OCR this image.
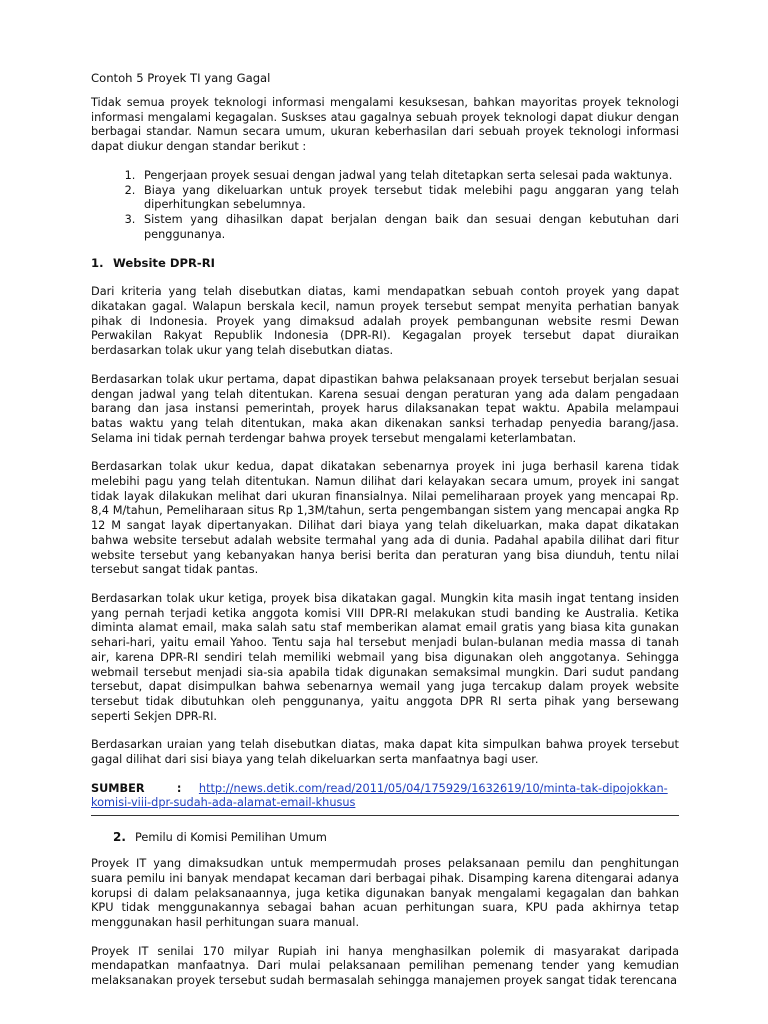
Contoh 5 Proyek TI yang Gagal

Tidak semua proyek teknologi informasi mengalami kesuksesan, bahkan mayoritas proyek teknologi informasi mengalami kegagalan. Suskses atau gagalnya sebuah proyek teknologi dapat diukur dengan berbagai standar. Namun secara umum, ukuran keberhasilan dari sebuah proyek teknologi informasi dapat diukur dengan standar berikut :

1. Pengerjaan proyek sesuai dengan jadwal yang telah ditetapkan serta selesai pada waktunya.
2. Biaya yang dikeluarkan untuk proyek tersebut tidak melebihi pagu anggaran yang telah diperhitungkan sebelumnya.
3. Sistem yang dihasilkan dapat berjalan dengan baik dan sesuai dengan kebutuhan dari penggunanya.
1. Website DPR-RI

Dari kriteria yang telah disebutkan diatas, kami mendapatkan sebuah contoh proyek yang dapat dikatakan gagal. Walapun berskala kecil, namun proyek tersebut sempat menyita perhatian banyak pihak di Indonesia. Proyek yang dimaksud adalah proyek pembangunan website resmi Dewan Perwakilan Rakyat Republik Indonesia (DPR-RI). Kegagalan proyek tersebut dapat diuraikan berdasarkan tolak ukur yang telah disebutkan diatas.

Berdasarkan tolak ukur pertama, dapat dipastikan bahwa pelaksanaan proyek tersebut berjalan sesuai dengan jadwal yang telah ditentukan. Karena sesuai dengan peraturan yang ada dalam pengadaan barang dan jasa instansi pemerintah, proyek harus dilaksanakan tepat waktu. Apabila melampaui batas waktu yang telah ditentukan, maka akan dikenakan sanksi terhadap penyedia barang/jasa. Selama ini tidak pernah terdengar bahwa proyek tersebut mengalami keterlambatan.

Berdasarkan tolak ukur kedua, dapat dikatakan sebenarnya proyek ini juga berhasil karena tidak melebihi pagu yang telah ditentukan. Namun dilihat dari kelayakan secara umum, proyek ini sangat tidak layak dilakukan melihat dari ukuran finansialnya. Nilai pemeliharaan proyek yang mencapai Rp. 8,4 M/tahun, Pemeliharaan situs Rp 1,3M/tahun, serta pengembangan sistem yang mencapai angka Rp 12 M sangat layak dipertanyakan. Dilihat dari biaya yang telah dikeluarkan, maka dapat dikatakan bahwa website tersebut adalah website termahal yang ada di dunia. Padahal apabila dilihat dari fitur website tersebut yang kebanyakan hanya berisi berita dan peraturan yang bisa diunduh, tentu nilai tersebut sangat tidak pantas.

Berdasarkan tolak ukur ketiga, proyek bisa dikatakan gagal. Mungkin kita masih ingat tentang insiden yang pernah terjadi ketika anggota komisi VIII DPR-RI melakukan studi banding ke Australia. Ketika diminta alamat email, maka salah satu staf memberikan alamat email gratis yang biasa kita gunakan sehari-hari, yaitu email Yahoo. Tentu saja hal tersebut menjadi bulan-bulanan media massa di tanah air, karena DPR-RI sendiri telah memiliki webmail yang bisa digunakan oleh anggotanya. Sehingga webmail tersebut menjadi sia-sia apabila tidak digunakan semaksimal mungkin. Dari sudut pandang tersebut, dapat disimpulkan bahwa sebenarnya wemail yang juga tercakup dalam proyek website tersebut tidak dibutuhkan oleh penggunanya, yaitu anggota DPR RI serta pihak yang bersewang seperti Sekjen DPR-RI.

Berdasarkan uraian yang telah disebutkan diatas, maka dapat kita simpulkan bahwa proyek tersebut gagal dilihat dari sisi biaya yang telah dikeluarkan serta manfaatnya bagi user.

SUMBER	: http://news.detik.com/read/2011/05/04/175929/1632619/10/minta-tak-dipojokkan-komisi-viii-dpr-sudah-ada-alamat-email-khusus
2. Pemilu di Komisi Pemilihan Umum

Proyek IT yang dimaksudkan untuk mempermudah proses pelaksanaan pemilu dan penghitungan suara pemilu ini banyak mendapat kecaman dari berbagai pihak. Disamping karena ditengarai adanya korupsi di dalam pelaksanaannya, juga ketika digunakan banyak mengalami kegagalan dan bahkan KPU tidak menggunakannya sebagai bahan acuan perhitungan suara, KPU pada akhirnya tetap menggunakan hasil perhitungan suara manual.

Proyek IT senilai 170 milyar Rupiah ini hanya menghasilkan polemik di masyarakat daripada mendapatkan manfaatnya. Dari mulai pelaksanaan pemilihan pemenang tender yang kemudian melaksanakan proyek tersebut sudah bermasalah sehingga manajemen proyek sangat tidak terencana
